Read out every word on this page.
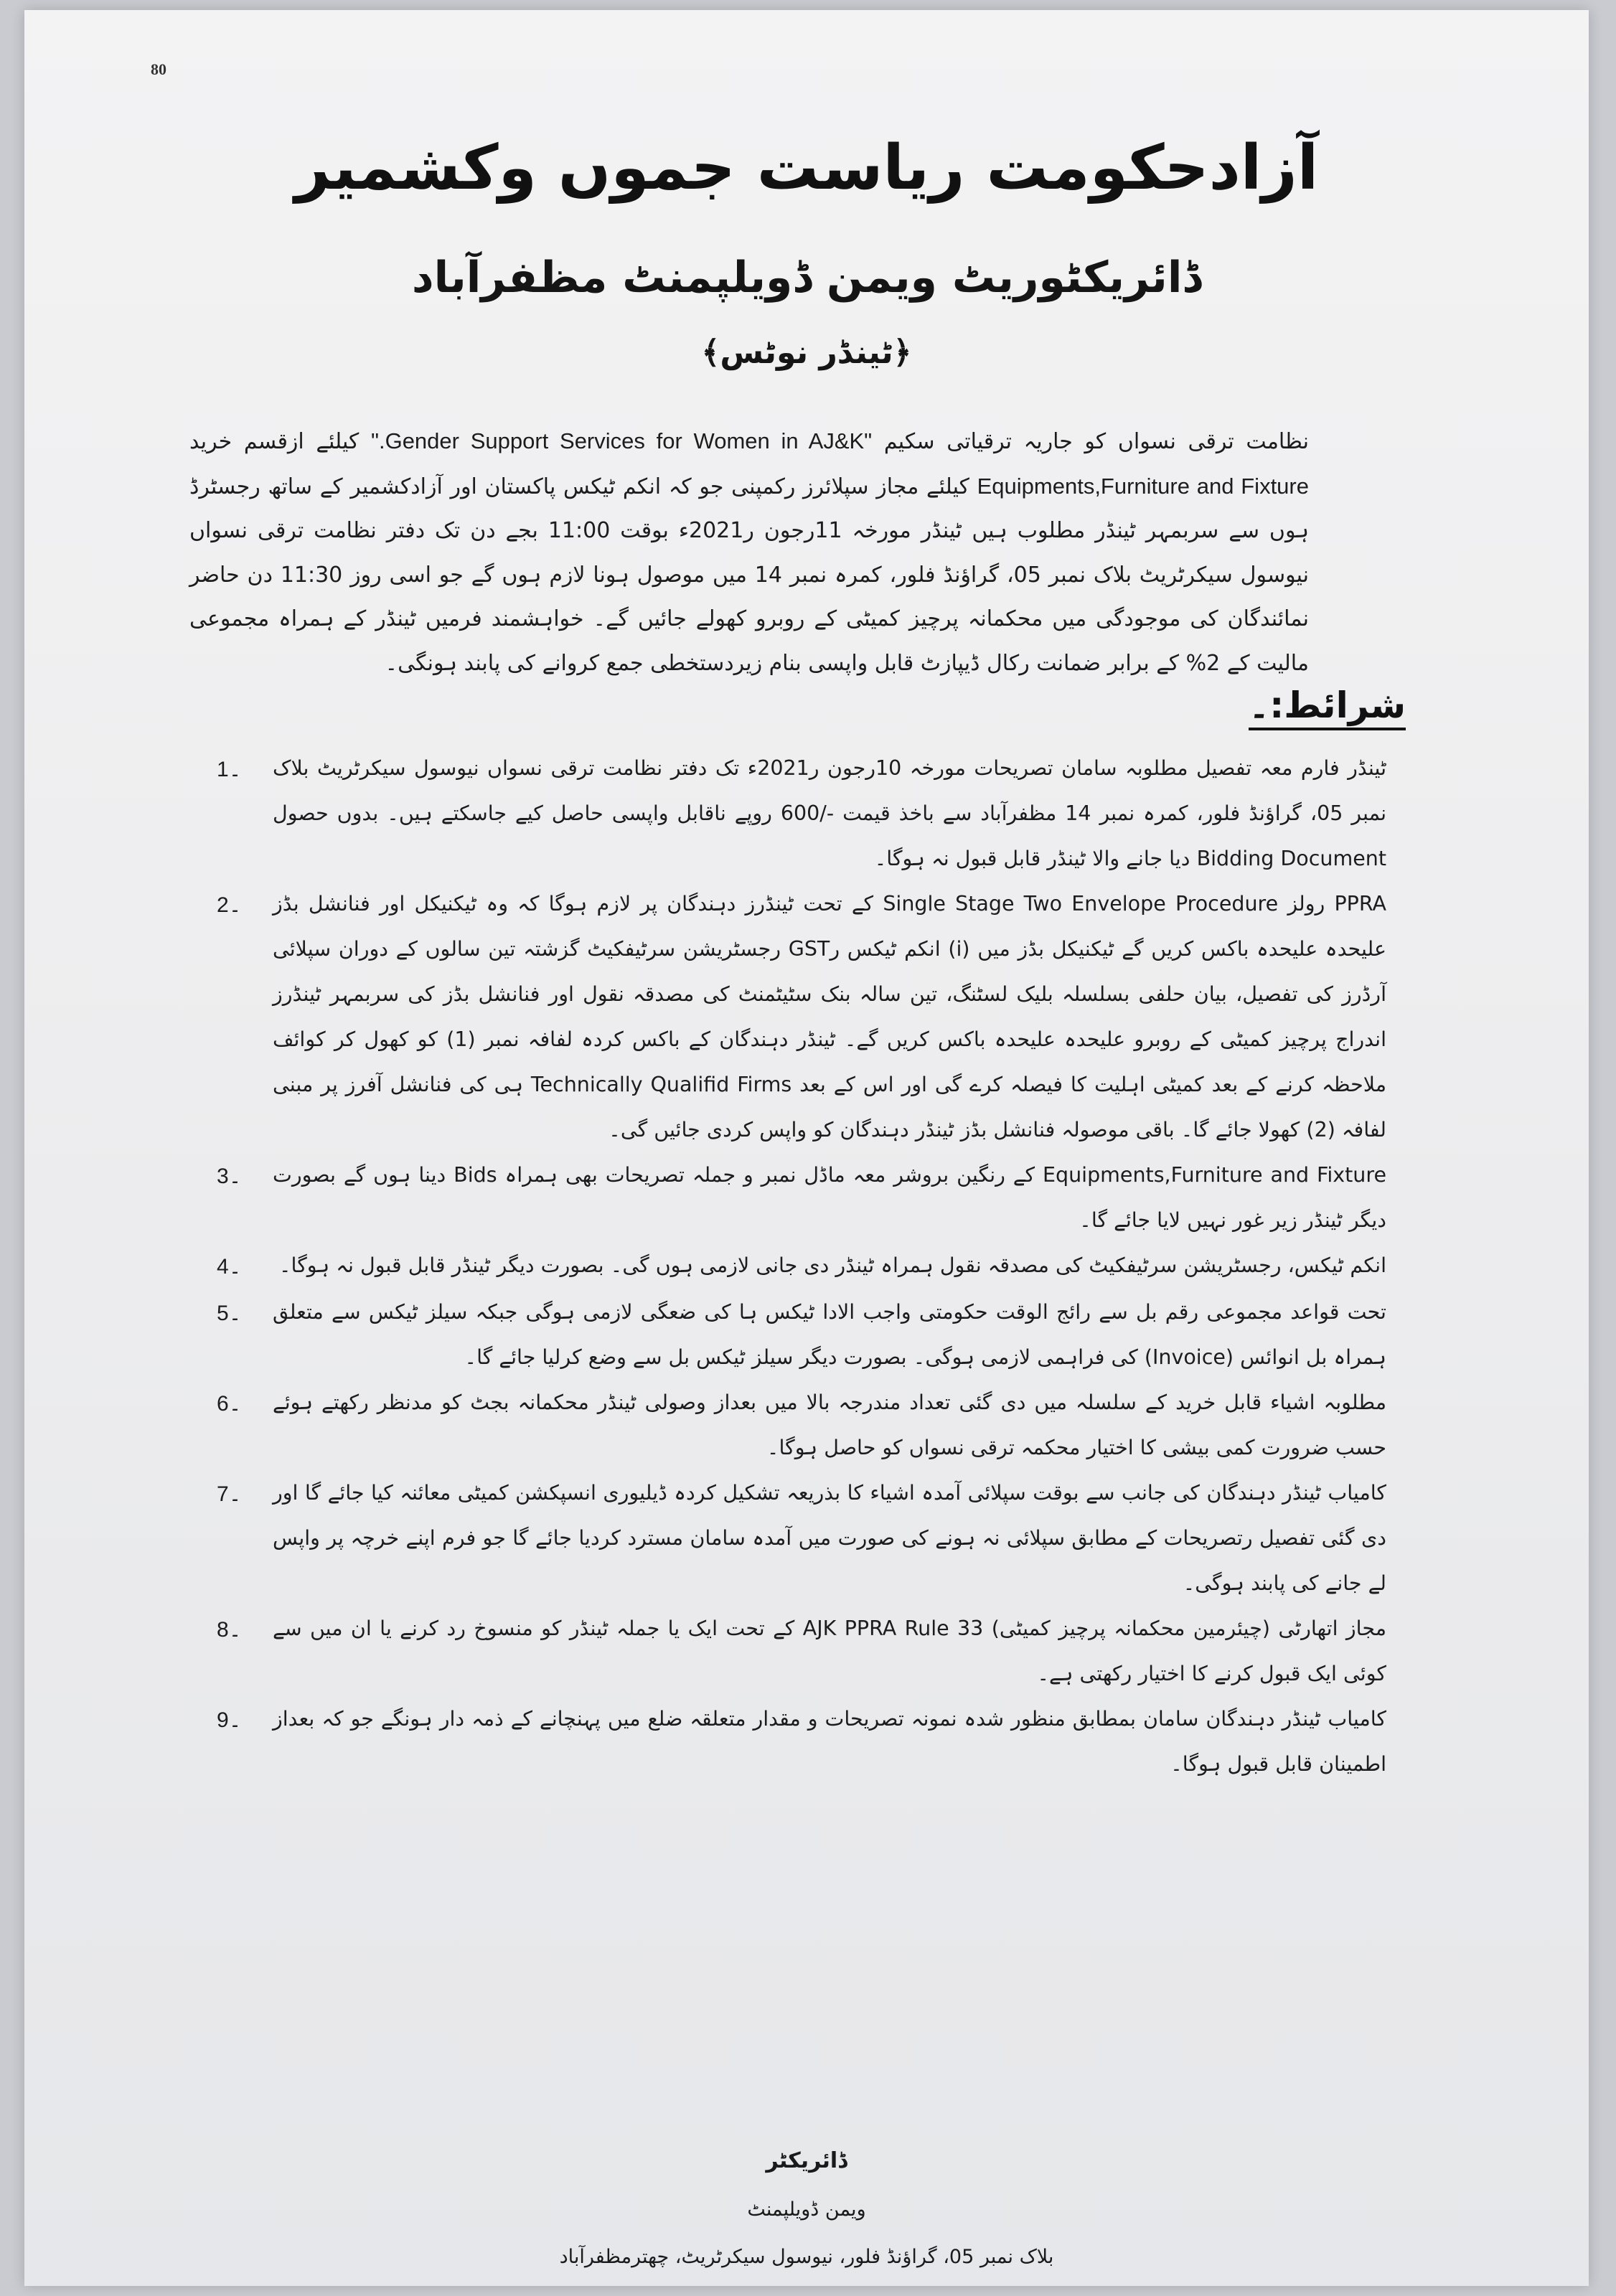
80
آزادحکومت ریاست جموں وکشمیر
ڈائریکٹوریٹ ویمن ڈویلپمنٹ مظفرآباد
﴿ٹینڈر نوٹس﴾

نظامت ترقی نسواں کو جاریہ ترقیاتی سکیم "Gender Support Services for Women in AJ&K." کیلئے ازقسم خرید Equipments,Furniture and Fixture کیلئے مجاز سپلائرز رکمپنی جو کہ انکم ٹیکس پاکستان اور آزادکشمیر کے ساتھ رجسٹرڈ ہوں سے سربمہر ٹینڈر مطلوب ہیں ٹینڈر مورخہ 11رجون ر2021ء بوقت 11:00 بجے دن تک دفتر نظامت ترقی نسواں نیوسول سیکرٹریٹ بلاک نمبر 05، گراؤنڈ فلور، کمرہ نمبر 14 میں موصول ہونا لازم ہوں گے جو اسی روز 11:30 دن حاضر نمائندگان کی موجودگی میں محکمانہ پرچیز کمیٹی کے روبرو کھولے جائیں گے۔ خواہشمند فرمیں ٹینڈر کے ہمراہ مجموعی مالیت کے 2% کے برابر ضمانت رکال ڈیپازٹ قابل واپسی بنام زیردستخطی جمع کروانے کی پابند ہونگی۔

شرائط:۔
ٹینڈر فارم معہ تفصیل مطلوبہ سامان تصریحات مورخہ 10رجون ر2021ء تک دفتر نظامت ترقی نسواں نیوسول سیکرٹریٹ بلاک نمبر 05، گراؤنڈ فلور، کمرہ نمبر 14 مظفرآباد سے باخذ قیمت -/600 روپے ناقابل واپسی حاصل کیے جاسکتے ہیں۔ بدوں حصول Bidding Document دیا جانے والا ٹینڈر قابل قبول نہ ہوگا۔
1۔
PPRA رولز Single Stage Two Envelope Procedure کے تحت ٹینڈرز دہندگان پر لازم ہوگا کہ وہ ٹیکنیکل اور فنانشل بڈز علیحدہ علیحدہ باکس کریں گے ٹیکنیکل بڈز میں (i) انکم ٹیکس رGST رجسٹریشن سرٹیفکیٹ گزشتہ تین سالوں کے دوران سپلائی آرڈرز کی تفصیل، بیان حلفی بسلسلہ بلیک لسٹنگ، تین سالہ بنک سٹیٹمنٹ کی مصدقہ نقول اور فنانشل بڈز کی سربمہر ٹینڈرز اندراج پرچیز کمیٹی کے روبرو علیحدہ علیحدہ باکس کریں گے۔ ٹینڈر دہندگان کے باکس کردہ لفافہ نمبر (1) کو کھول کر کوائف ملاحظہ کرنے کے بعد کمیٹی اہلیت کا فیصلہ کرے گی اور اس کے بعد Technically Qualifid Firms ہی کی فنانشل آفرز پر مبنی لفافہ (2) کھولا جائے گا۔ باقی موصولہ فنانشل بڈز ٹینڈر دہندگان کو واپس کردی جائیں گی۔
2۔
Equipments,Furniture and Fixture کے رنگین بروشر معہ ماڈل نمبر و جملہ تصریحات بھی ہمراہ Bids دینا ہوں گے بصورت دیگر ٹینڈر زیر غور نہیں لایا جائے گا۔
3۔
انکم ٹیکس، رجسٹریشن سرٹیفکیٹ کی مصدقہ نقول ہمراہ ٹینڈر دی جانی لازمی ہوں گی۔ بصورت دیگر ٹینڈر قابل قبول نہ ہوگا۔
4۔
تحت قواعد مجموعی رقم بل سے رائج الوقت حکومتی واجب الادا ٹیکس ہا کی ضعگی لازمی ہوگی جبکہ سیلز ٹیکس سے متعلق ہمراہ بل انوائس (Invoice) کی فراہمی لازمی ہوگی۔ بصورت دیگر سیلز ٹیکس بل سے وضع کرلیا جائے گا۔
5۔
مطلوبہ اشیاء قابل خرید کے سلسلہ میں دی گئی تعداد مندرجہ بالا میں بعداز وصولی ٹینڈر محکمانہ بجٹ کو مدنظر رکھتے ہوئے حسب ضرورت کمی بیشی کا اختیار محکمہ ترقی نسواں کو حاصل ہوگا۔
6۔
کامیاب ٹینڈر دہندگان کی جانب سے بوقت سپلائی آمدہ اشیاء کا بذریعہ تشکیل کردہ ڈیلیوری انسپکشن کمیٹی معائنہ کیا جائے گا اور دی گئی تفصیل رتصریحات کے مطابق سپلائی نہ ہونے کی صورت میں آمدہ سامان مسترد کردیا جائے گا جو فرم اپنے خرچہ پر واپس لے جانے کی پابند ہوگی۔
7۔
مجاز اتھارٹی (چیئرمین محکمانہ پرچیز کمیٹی) AJK PPRA Rule 33 کے تحت ایک یا جملہ ٹینڈر کو منسوخ رد کرنے یا ان میں سے کوئی ایک قبول کرنے کا اختیار رکھتی ہے۔
8۔
کامیاب ٹینڈر دہندگان سامان بمطابق منظور شدہ نمونہ تصریحات و مقدار متعلقہ ضلع میں پہنچانے کے ذمہ دار ہونگے جو کہ بعداز اطمینان قابل قبول ہوگا۔
9۔
ڈائریکٹر
ویمن ڈویلپمنٹ
بلاک نمبر 05، گراؤنڈ فلور، نیوسول سیکرٹریٹ، چھترمظفرآباد
